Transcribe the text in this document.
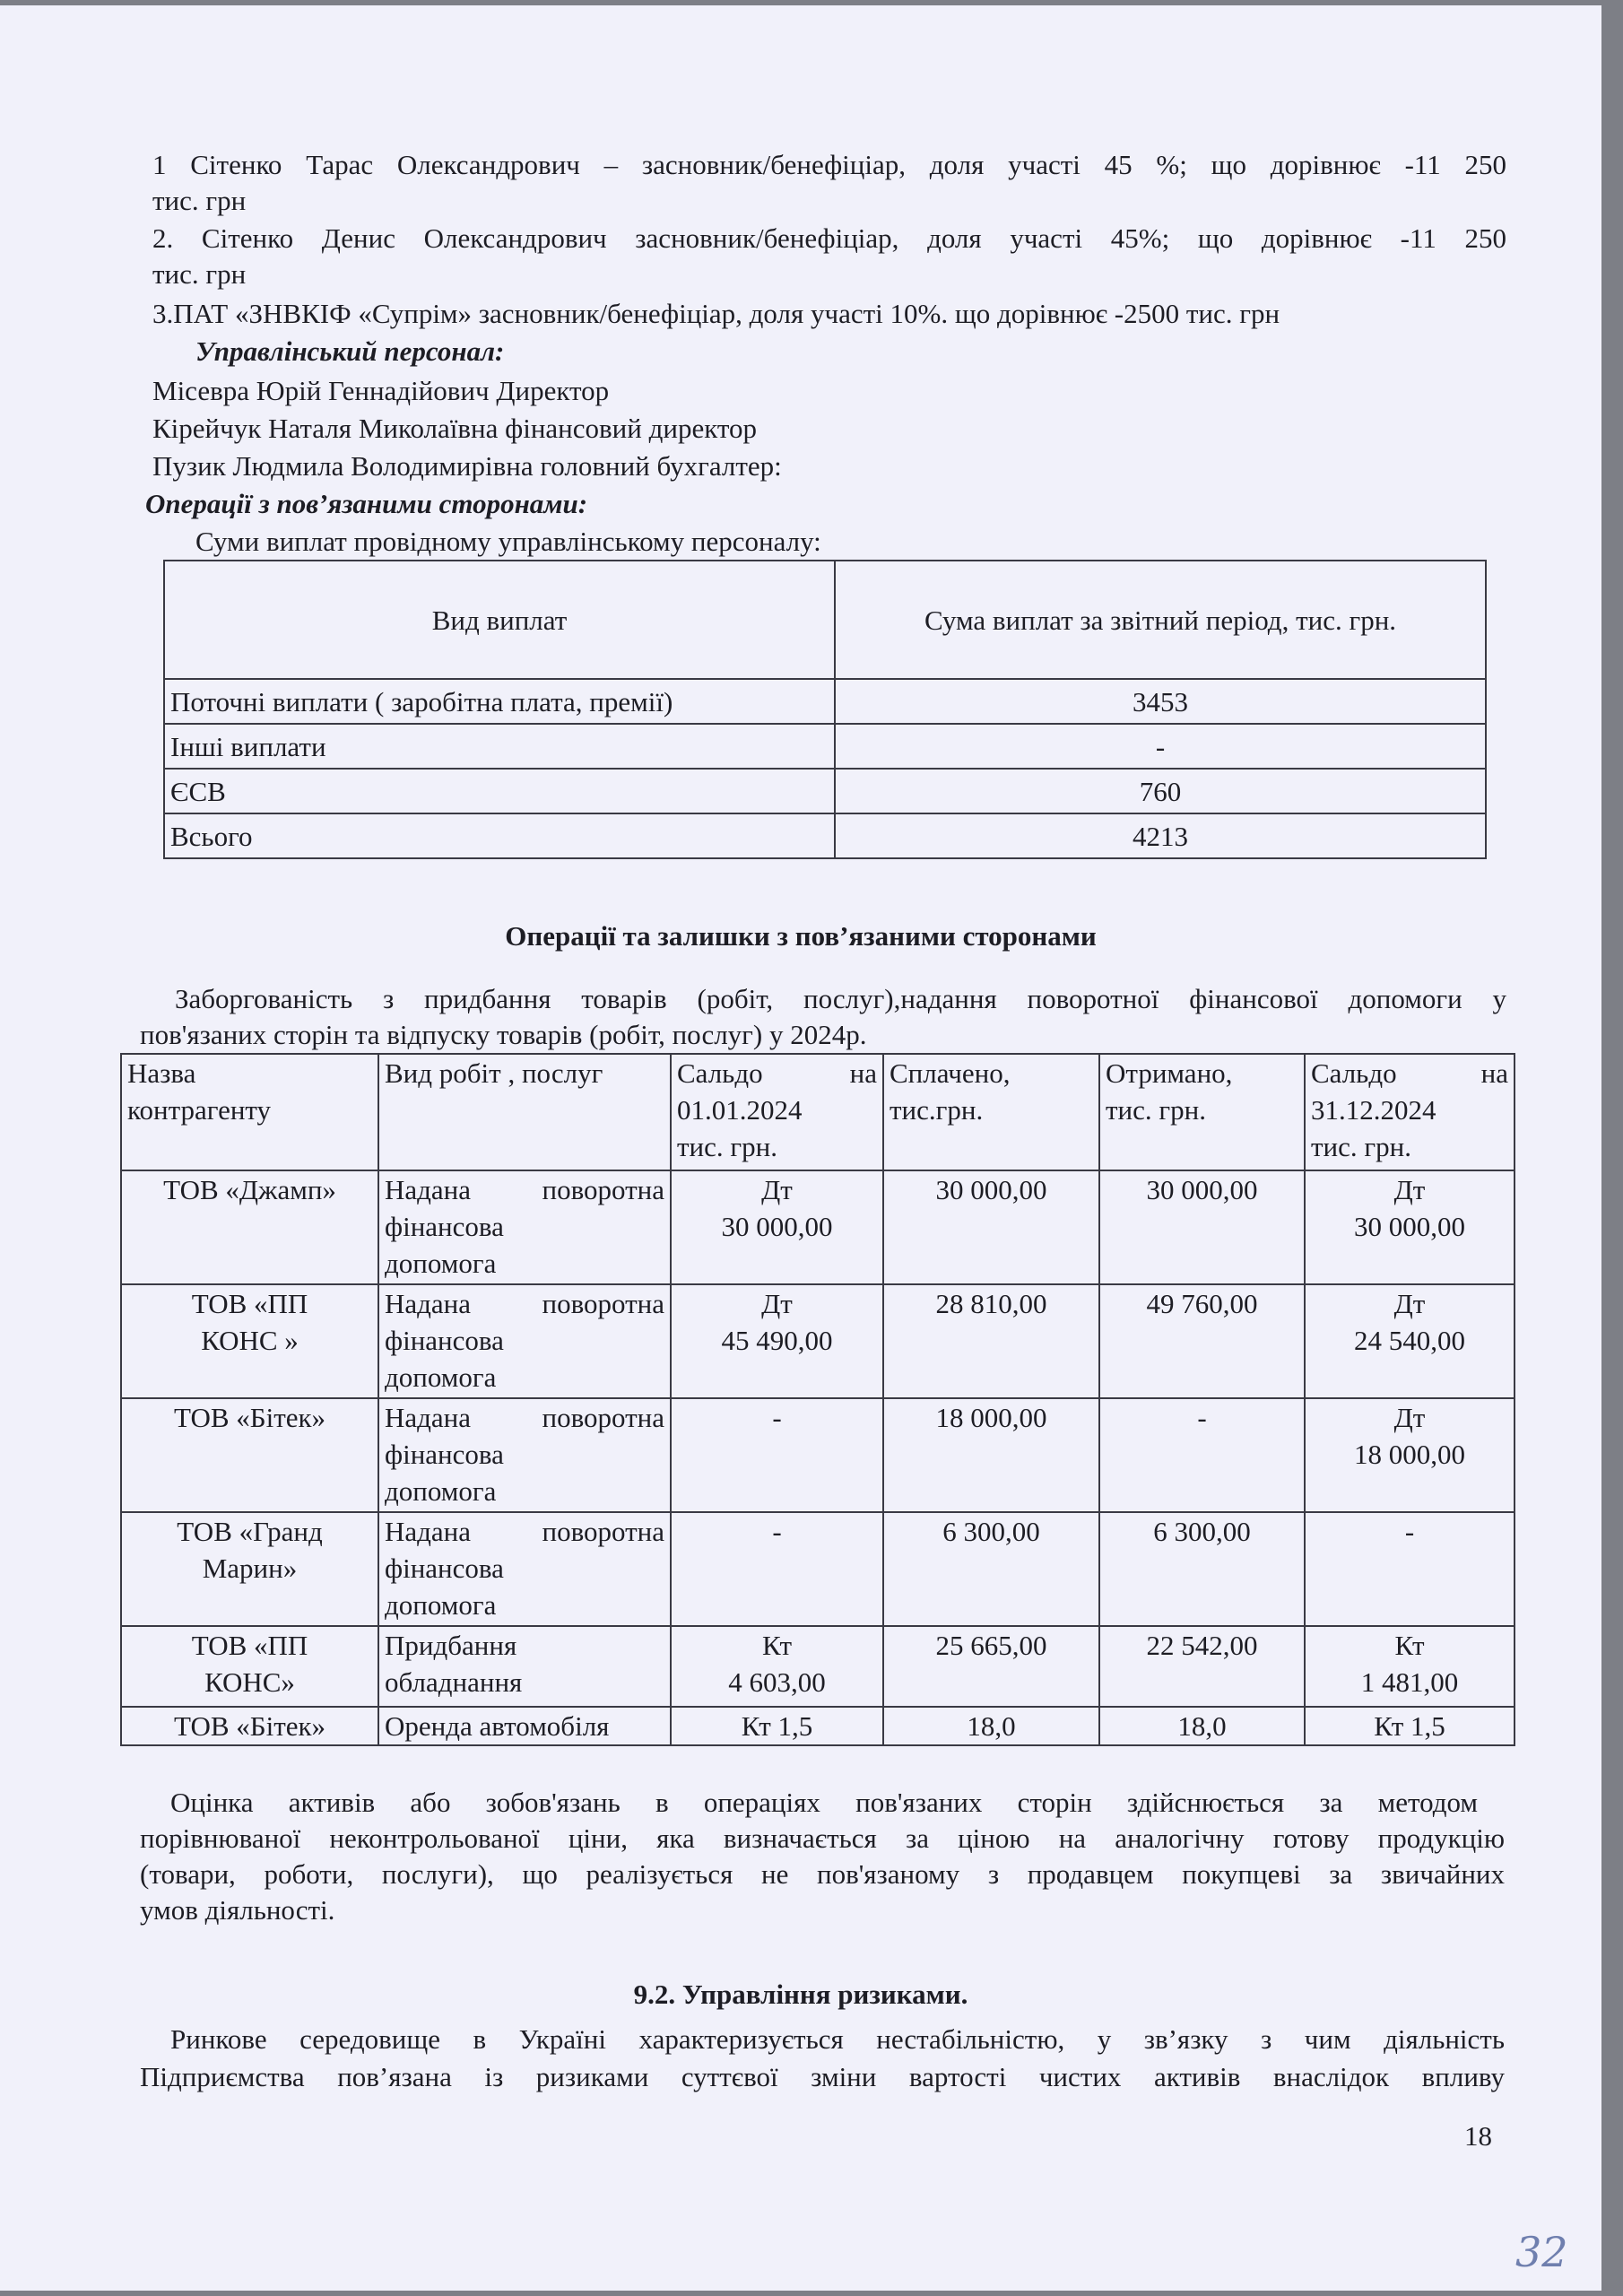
1 Сітенко Тарас Олександрович – засновник/бенефіціар, доля участі 45 %; що дорівнює -11 250
тис. грн
2. Сітенко Денис Олександрович засновник/бенефіціар, доля участі 45%; що дорівнює -11 250
тис. грн
3.ПАТ «ЗНВКІФ «Супрім» засновник/бенефіціар, доля участі 10%. що дорівнює -2500 тис. грн
Управлінський персонал:
Місевра Юрій Геннадійович Директор
Кірейчук Наталя Миколаївна фінансовий директор
Пузик Людмила Володимирівна головний бухгалтер:
Операції з пов’язаними сторонами:
Суми виплат провідному управлінському персоналу:
Вид виплат	Сума виплат за звітний період, тис. грн.
Поточні виплати ( заробітна плата, премії)	3453
Інші виплати	-
ЄСВ	760
Всього	4213
Операції та залишки з пов’язаними сторонами
Заборгованість з придбання товарів (робіт, послуг),надання поворотної фінансової допомоги у
пов'язаних сторін та відпуску товарів (робіт, послуг) у 2024р.
Назва
контрагенту	Вид робіт , послуг	Сальдо на
01.01.2024
тис. грн.	Сплачено,
тис.грн.	Отримано,
тис. грн.	Сальдо на
31.12.2024
тис. грн.

ТОВ «Джамп»	Надана поворотна
фінансова
допомога	Дт
30 000,00	30 000,00	30 000,00	Дт
30 000,00

ТОВ «ПП
КОНС »	Надана поворотна
фінансова
допомога	Дт
45 490,00	28 810,00	49 760,00	Дт
24 540,00

ТОВ «Бітек»	Надана поворотна
фінансова
допомога	-	18 000,00	-	Дт
18 000,00

ТОВ «Гранд
Марин»	Надана поворотна
фінансова
допомога	-	6 300,00	6 300,00	-

ТОВ «ПП
КОНС»	Придбання
обладнання	Кт
4 603,00	25 665,00	22 542,00	Кт
1 481,00

ТОВ «Бітек»	Оренда автомобіля	Кт 1,5	18,0	18,0	Кт 1,5
Оцінка активів або зобов'язань в операціях пов'язаних сторін здійснюється за методом
порівнюваної неконтрольованої ціни, яка визначається за ціною на аналогічну готову продукцію
(товари, роботи, послуги), що реалізується не пов'язаному з продавцем покупцеві за звичайних
умов діяльності.
9.2. Управління ризиками.
Ринкове середовище в Україні характеризується нестабільністю, у зв’язку з чим діяльність
Підприємства пов’язана із ризиками суттєвої зміни вартості чистих активів внаслідок впливу
18
32
